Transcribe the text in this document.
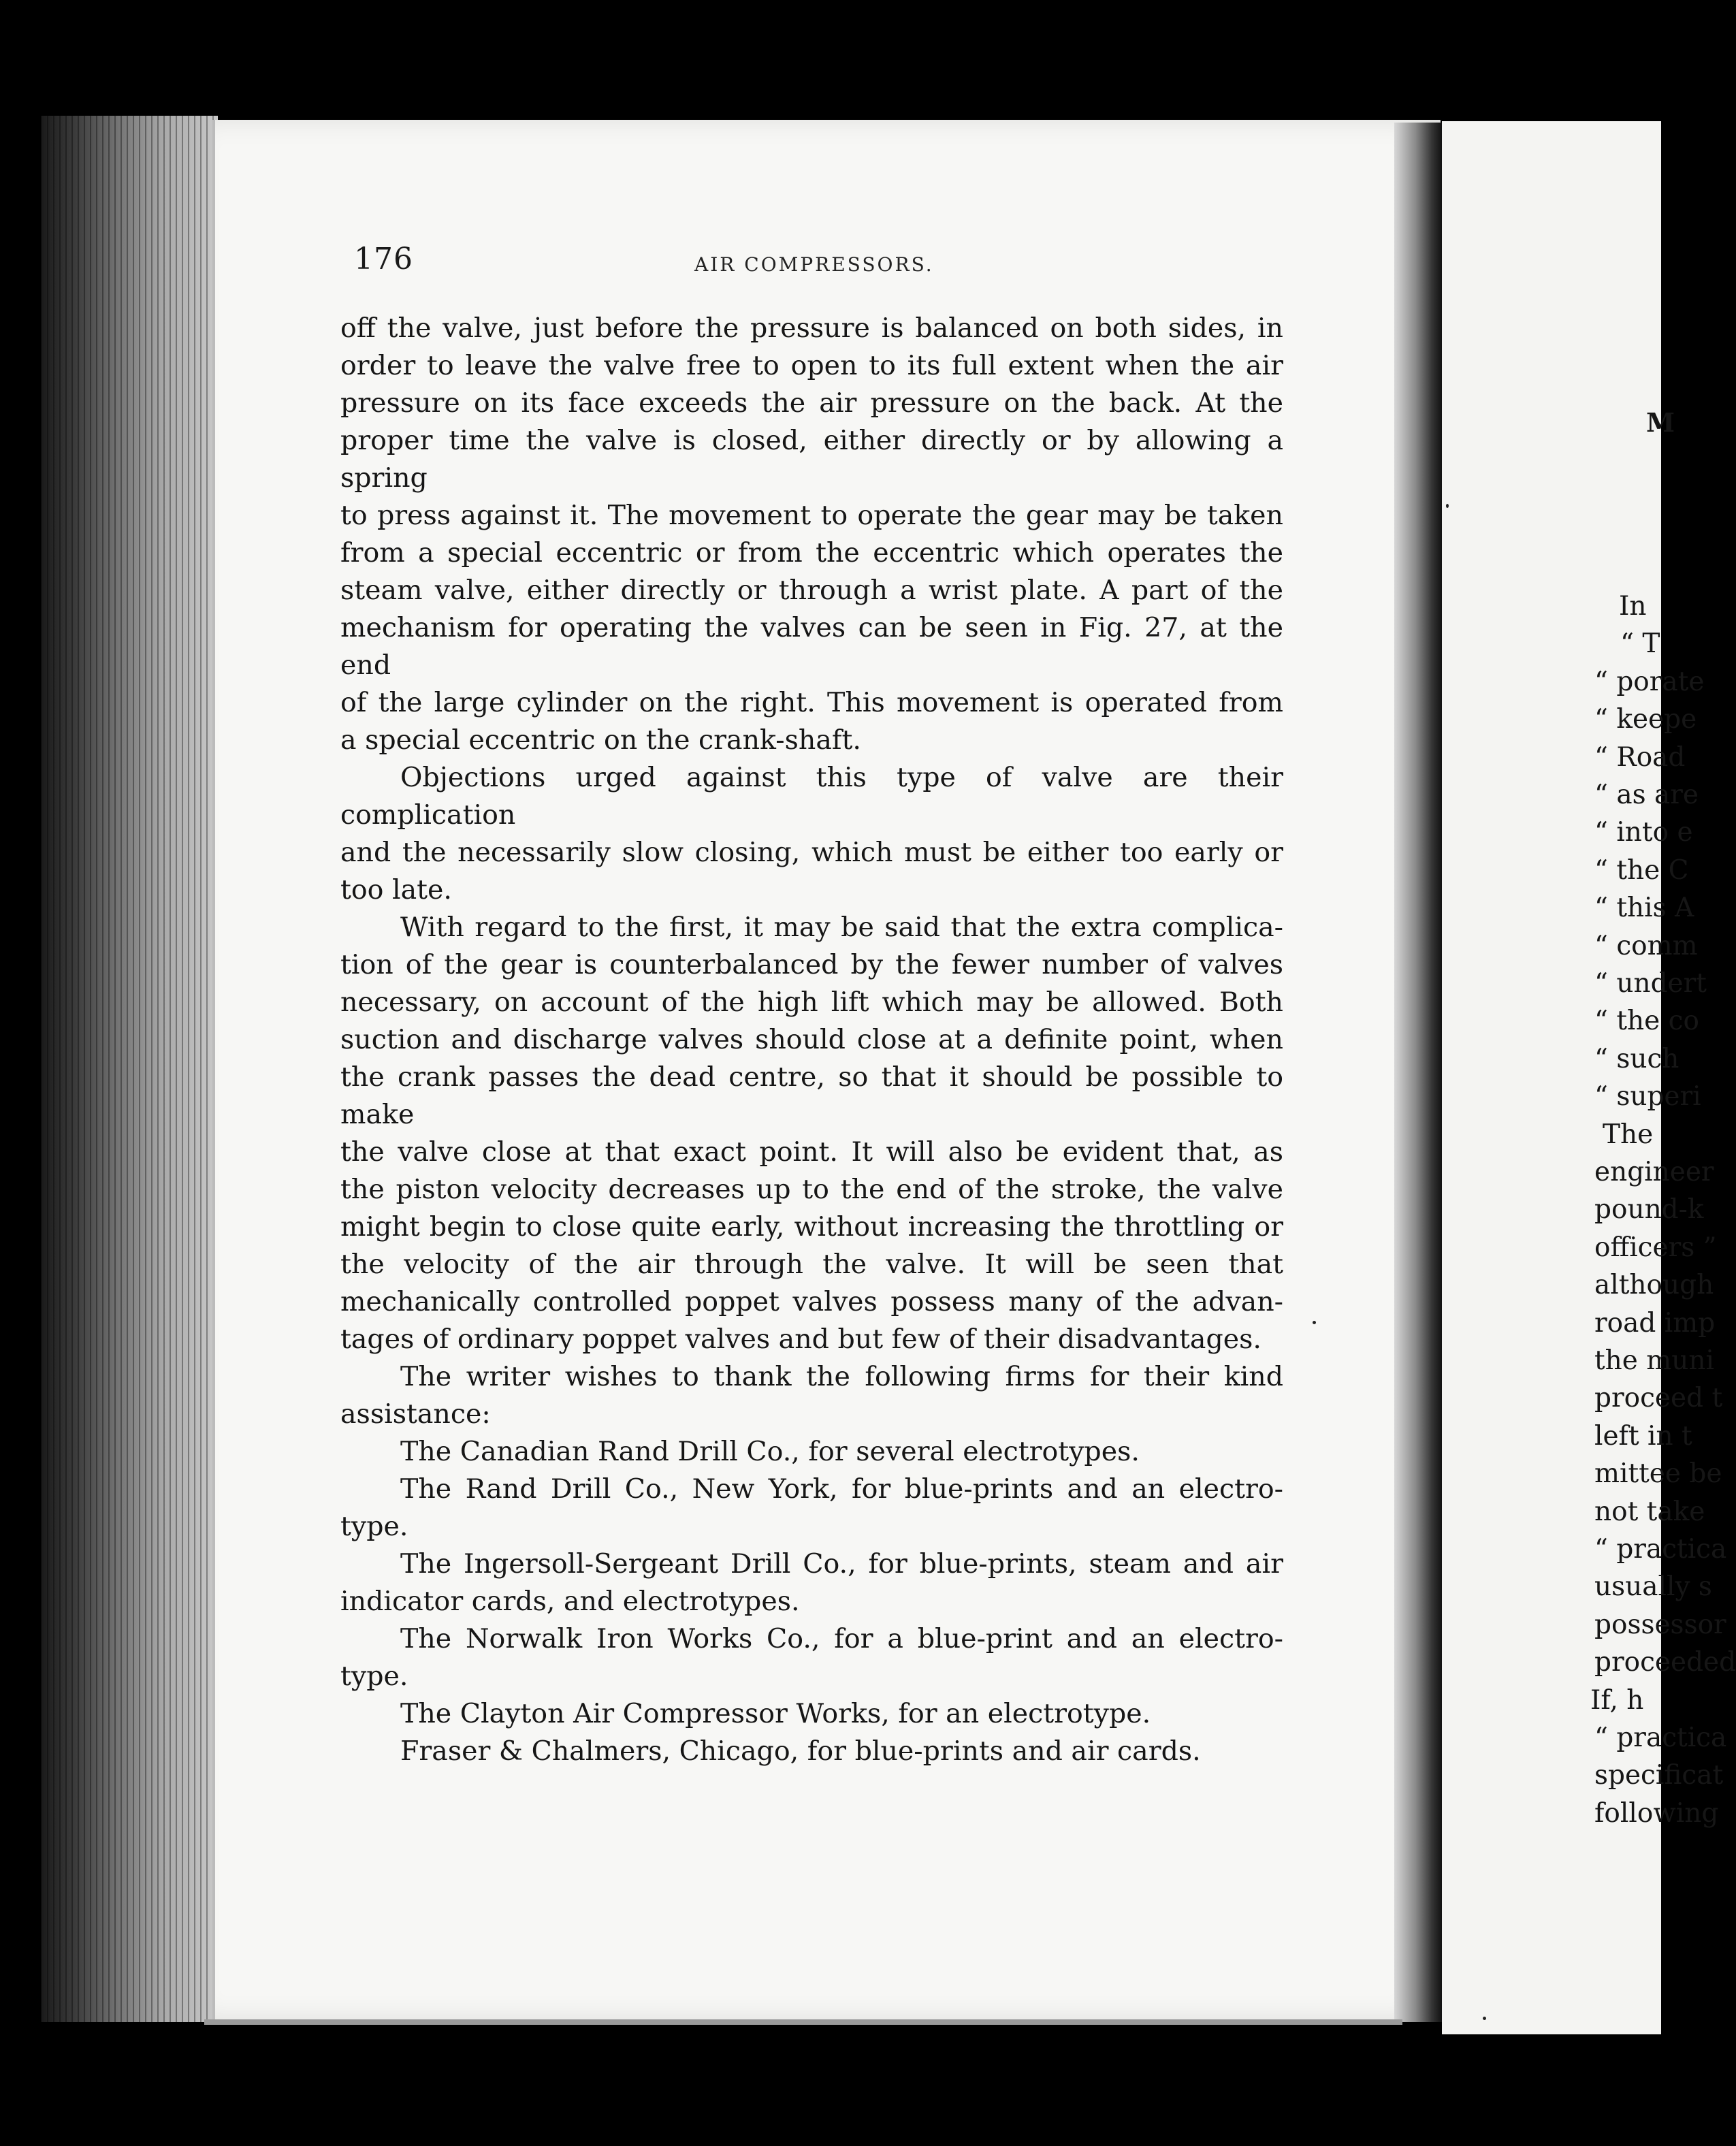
176	AIR COMPRESSORS.

off the valve, just before the pressure is balanced on both sides, in

order to leave the valve free to open to its full extent when the air

pressure on its face exceeds the air pressure on the back. At the

proper time the valve is closed, either directly or by allowing a spring

to press against it. The movement to operate the gear may be taken

from a special eccentric or from the eccentric which operates the

steam valve, either directly or through a wrist plate. A part of the

mechanism for operating the valves can be seen in Fig. 27, at the end

of the large cylinder on the right. This movement is operated from

a special eccentric on the crank-shaft.

Objections urged against this type of valve are their complication

and the necessarily slow closing, which must be either too early or

too late.

With regard to the first, it may be said that the extra complica-

tion of the gear is counterbalanced by the fewer number of valves

necessary, on account of the high lift which may be allowed. Both

suction and discharge valves should close at a definite point, when

the crank passes the dead centre, so that it should be possible to make

the valve close at that exact point. It will also be evident that, as

the piston velocity decreases up to the end of the stroke, the valve

might begin to close quite early, without increasing the throttling or

the velocity of the air through the valve. It will be seen that

mechanically controlled poppet valves possess many of the advan-

tages of ordinary poppet valves and but few of their disadvantages.

The writer wishes to thank the following firms for their kind

assistance:

The Canadian Rand Drill Co., for several electrotypes.

The Rand Drill Co., New York, for blue-prints and an electro-

type.

The Ingersoll-Sergeant Drill Co., for blue-prints, steam and air

indicator cards, and electrotypes.

The Norwalk Iron Works Co., for a blue-print and an electro-

type.

The Clayton Air Compressor Works, for an electrotype.

Fraser & Chalmers, Chicago, for blue-prints and air cards.

M
In
“ T
“ porate
“ keepe
“ Road
“ as are
“ into e
“ the C
“ this A
“ comm
“ undert
“ the co
“ such
“ superi
The
engineer
pound-k
officers ”
although
road imp
the muni
proceed t
left in t
mittee be
not take
“ practica
usually s
possessor
proceeded
If, h
“ practica
specificat
following
